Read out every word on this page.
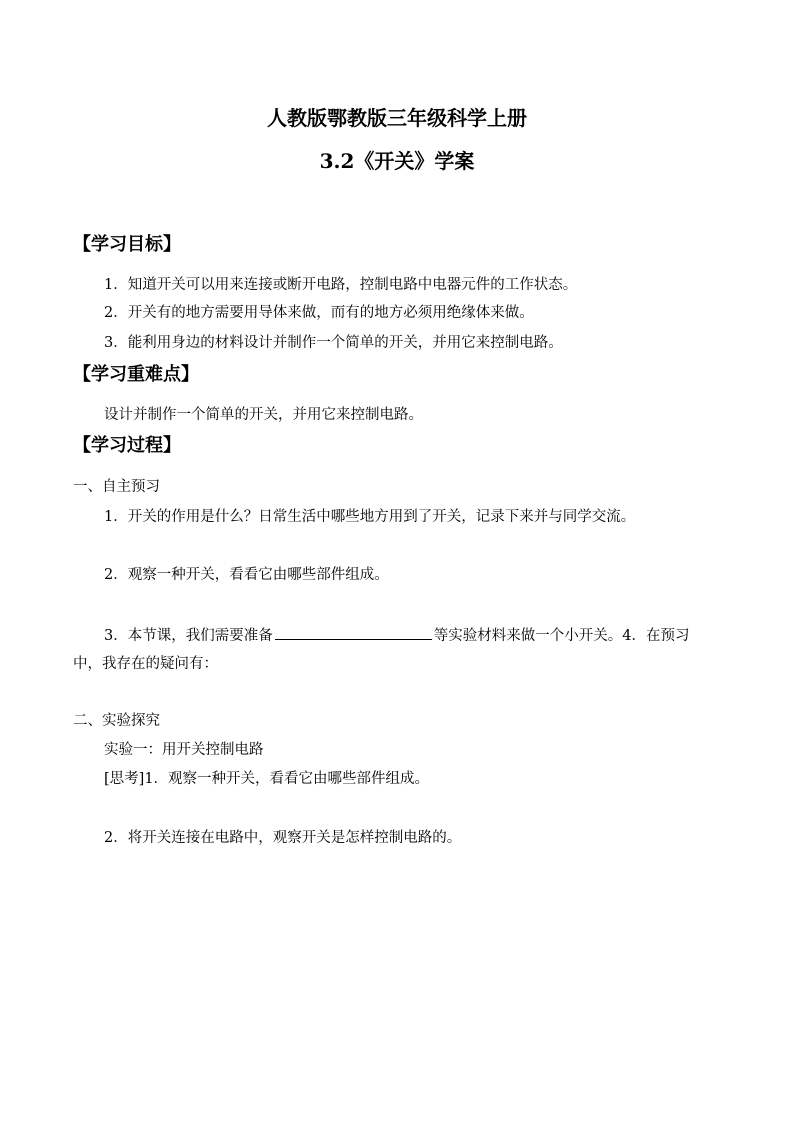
人教版鄂教版三年级科学上册
3.2《开关》学案
【学习目标】
1．知道开关可以用来连接或断开电路，控制电路中电器元件的工作状态。
2．开关有的地方需要用导体来做，而有的地方必须用绝缘体来做。
3．能利用身边的材料设计并制作一个简单的开关，并用它来控制电路。
【学习重难点】
设计并制作一个简单的开关，并用它来控制电路。
【学习过程】
一、自主预习
1．开关的作用是什么？日常生活中哪些地方用到了开关，记录下来并与同学交流。
2．观察一种开关，看看它由哪些部件组成。
3．本节课，我们需要准备	等实验材料来做一个小开关。4．在预习
中，我存在的疑问有：
二、实验探究
实验一：用开关控制电路
[思考]1．观察一种开关，看看它由哪些部件组成。
2．将开关连接在电路中，观察开关是怎样控制电路的。
